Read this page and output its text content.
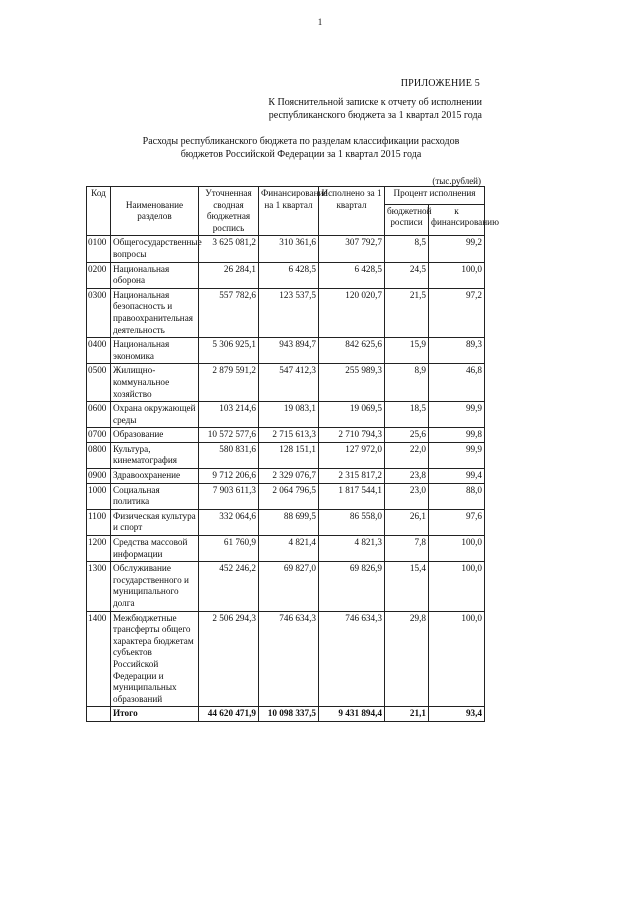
1
ПРИЛОЖЕНИЕ 5
К Пояснительной записке к отчету об исполнении республиканского бюджета за 1 квартал 2015 года
Расходы республиканского бюджета по разделам классификации расходов бюджетов Российской Федерации за 1 квартал 2015 года
(тыс.рублей)
Код	Наименование разделов	Уточненная сводная бюджетная роспись	Финансирование на 1 квартал	Исполнено за 1 квартал	Процент исполнения	
					бюджетной росписи	к финансированию
0100	Общегосударственные вопросы	3 625 081,2	310 361,6	307 792,7	8,5	99,2
0200	Национальная оборона	26 284,1	6 428,5	6 428,5	24,5	100,0
0300	Национальная безопасность и правоохранительная деятельность	557 782,6	123 537,5	120 020,7	21,5	97,2
0400	Национальная экономика	5 306 925,1	943 894,7	842 625,6	15,9	89,3
0500	Жилищно-коммунальное хозяйство	2 879 591,2	547 412,3	255 989,3	8,9	46,8
0600	Охрана окружающей среды	103 214,6	19 083,1	19 069,5	18,5	99,9
0700	Образование	10 572 577,6	2 715 613,3	2 710 794,3	25,6	99,8
0800	Культура, кинематография	580 831,6	128 151,1	127 972,0	22,0	99,9
0900	Здравоохранение	9 712 206,6	2 329 076,7	2 315 817,2	23,8	99,4
1000	Социальная политика	7 903 611,3	2 064 796,5	1 817 544,1	23,0	88,0
1100	Физическая культура и спорт	332 064,6	88 699,5	86 558,0	26,1	97,6
1200	Средства массовой информации	61 760,9	4 821,4	4 821,3	7,8	100,0
1300	Обслуживание государственного и муниципального долга	452 246,2	69 827,0	69 826,9	15,4	100,0
1400	Межбюджетные трансферты общего характера бюджетам субъектов Российской Федерации и муниципальных образований	2 506 294,3	746 634,3	746 634,3	29,8	100,0
	Итого	44 620 471,9	10 098 337,5	9 431 894,4	21,1	93,4
